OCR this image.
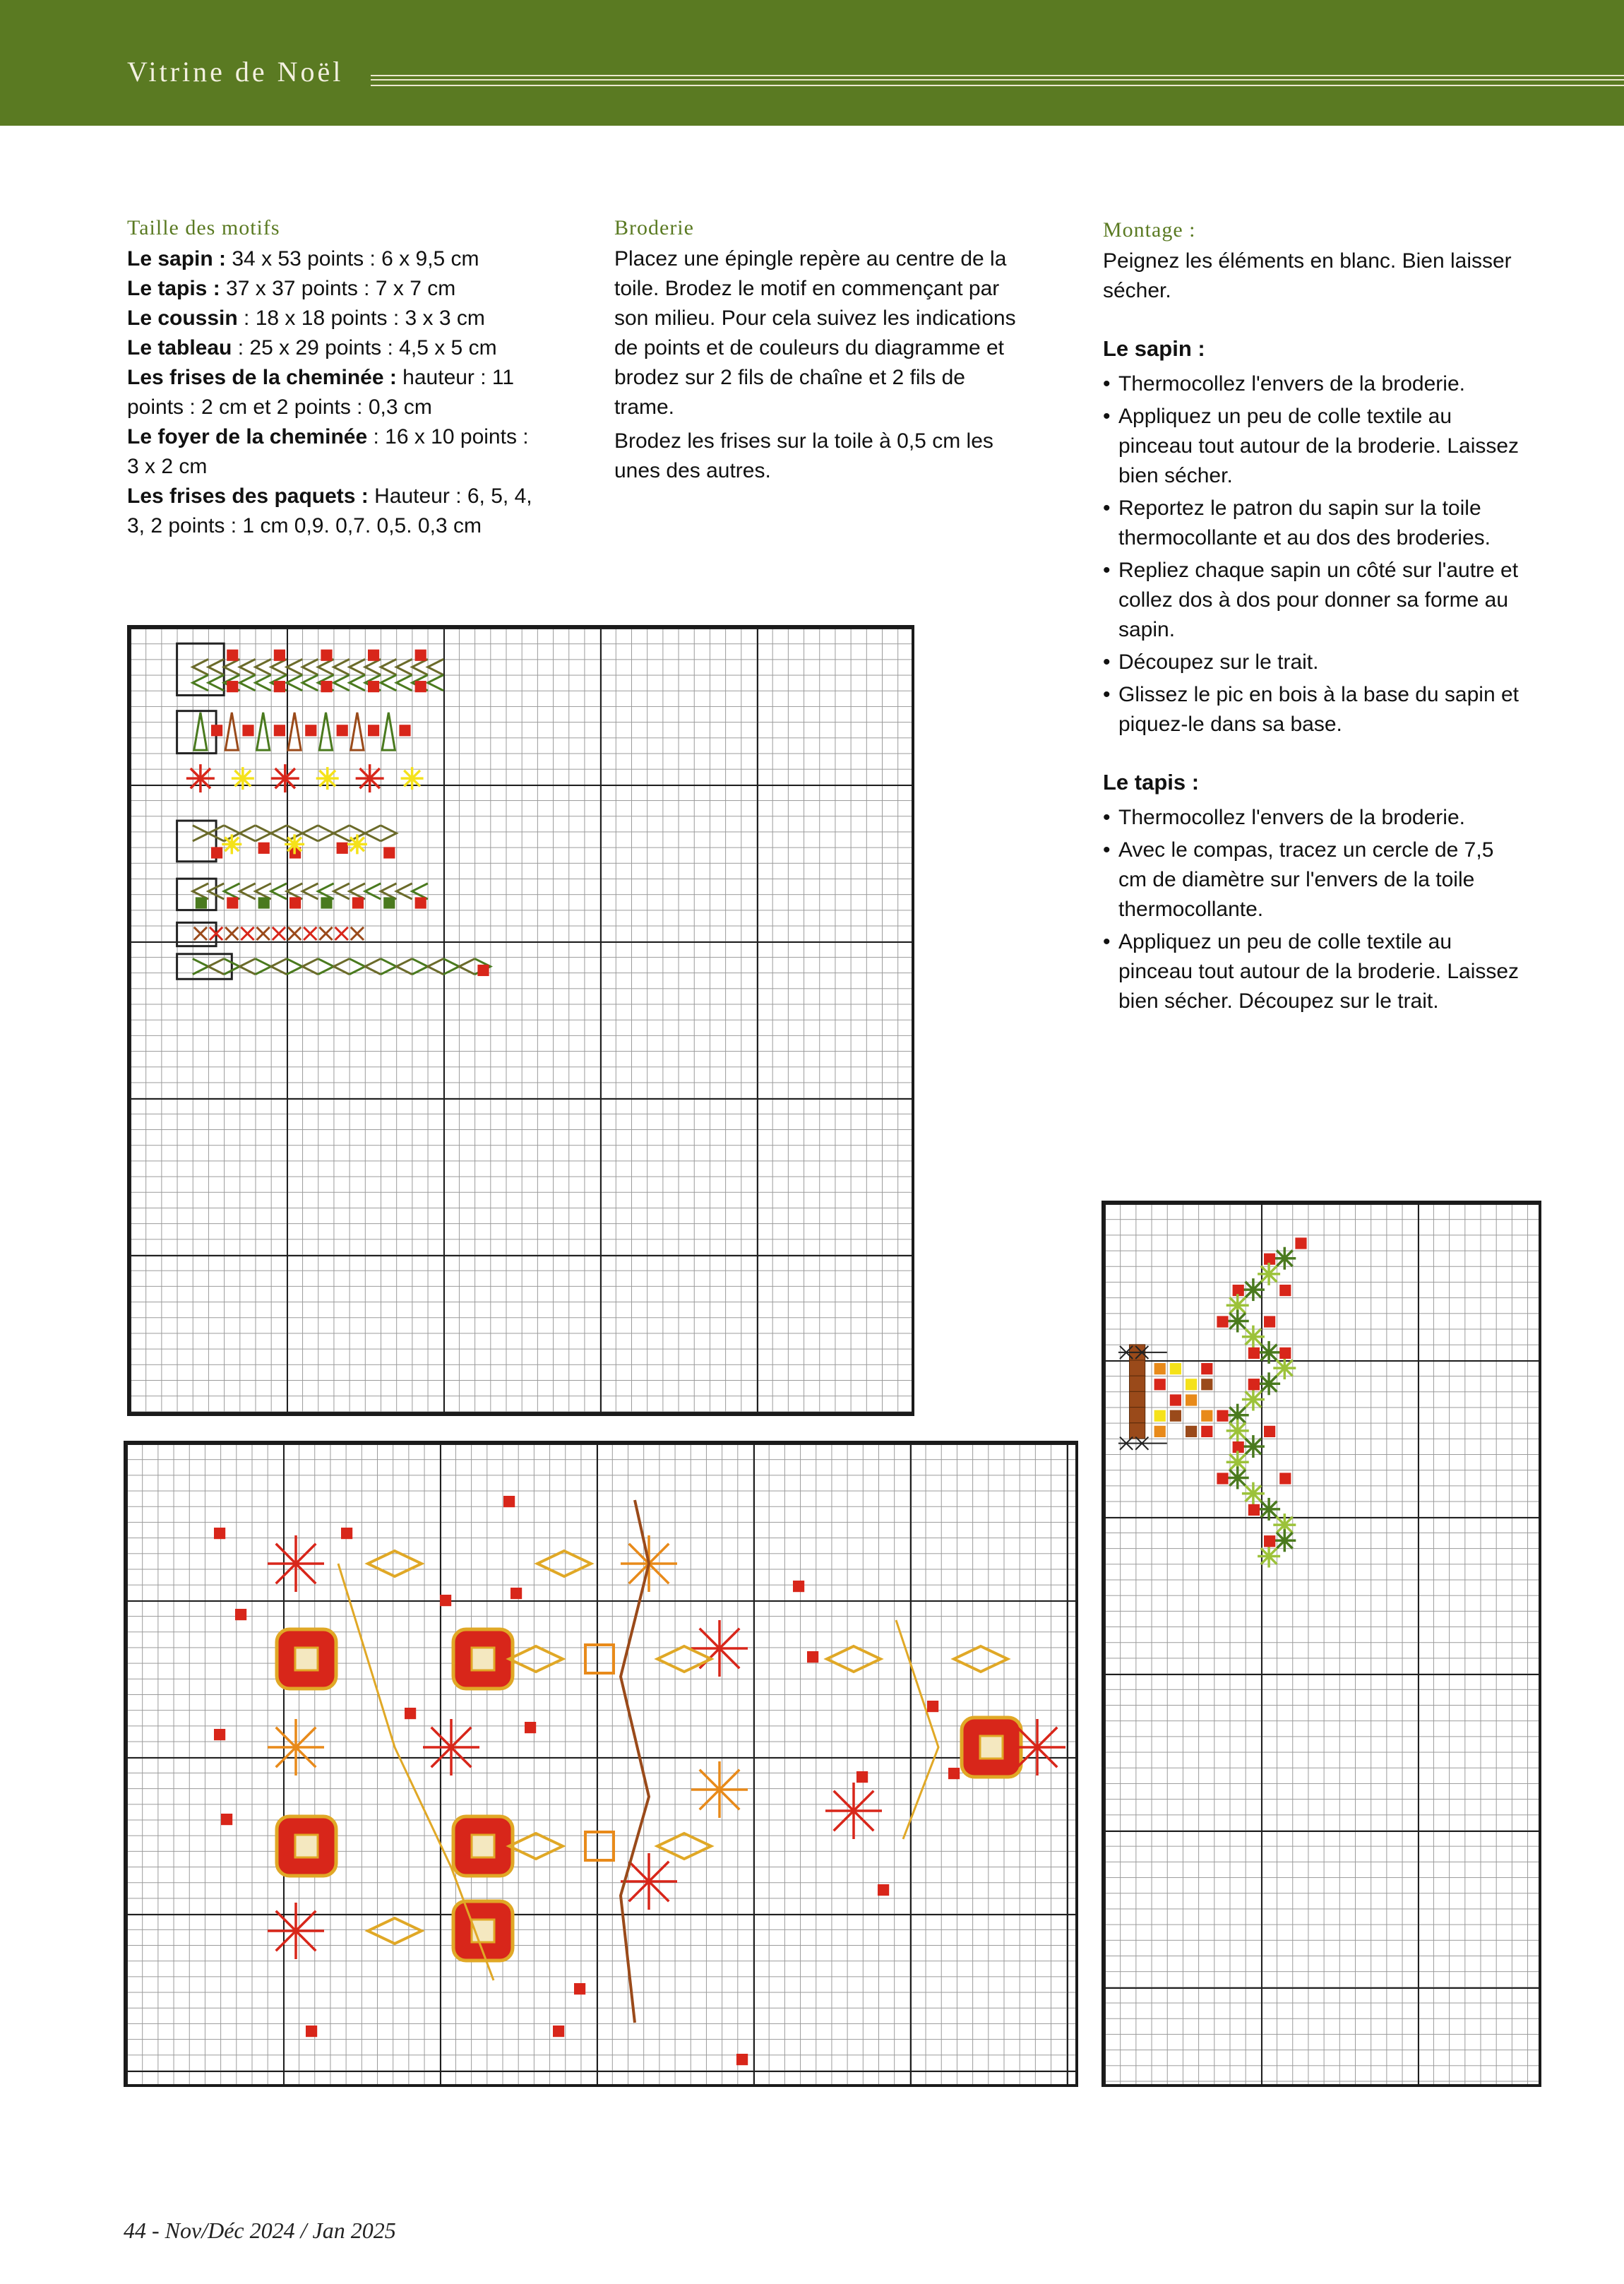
Vitrine de Noël
Taille des motifs

Le sapin : 34 x 53 points : 6 x 9,5 cm

Le tapis : 37 x 37 points : 7 x 7 cm

Le coussin : 18 x 18 points : 3 x 3 cm

Le tableau : 25 x 29 points : 4,5 x 5 cm

Les frises de la cheminée : hauteur : 11 points : 2 cm et 2 points : 0,3 cm

Le foyer de la cheminée : 16 x 10 points : 3 x 2 cm

Les frises des paquets : Hauteur : 6, 5, 4, 3, 2 points : 1 cm 0,9. 0,7. 0,5. 0,3 cm

Broderie

Placez une épingle repère au centre de la toile. Brodez le motif en commençant par son milieu. Pour cela suivez les indications de points et de couleurs du diagramme et brodez sur 2 fils de chaîne et 2 fils de trame.

Brodez les frises sur la toile à 0,5 cm les unes des autres.

Montage :

Peignez les éléments en blanc. Bien laisser sécher.

Le sapin :
• Thermocollez l'envers de la broderie.
• Appliquez un peu de colle textile au pinceau tout autour de la broderie. Laissez bien sécher.
• Reportez le patron du sapin sur la toile thermocollante et au dos des broderies.
• Repliez chaque sapin un côté sur l'autre et collez dos à dos pour donner sa forme au sapin.
• Découpez sur le trait.
• Glissez le pic en bois à la base du sapin et piquez-le dans sa base.
Le tapis :
• Thermocollez l'envers de la broderie.
• Avec le compas, tracez un cercle de 7,5 cm de diamètre sur l'envers de la toile thermocollante.
• Appliquez un peu de colle textile au pinceau tout autour de la broderie. Laissez bien sécher. Découpez sur le trait.
44 - Nov/Déc 2024 / Jan 2025
